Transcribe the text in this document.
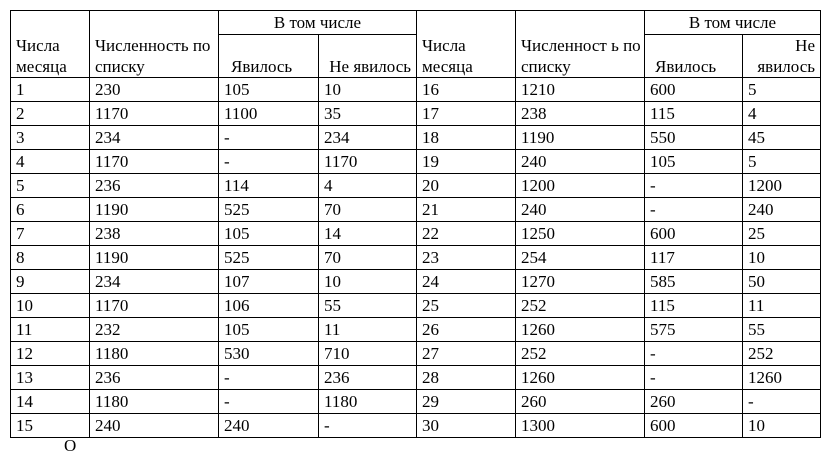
Числа месяца	Численность по списку	В том числе		Числа месяца	Численност ь по списку	В том числе	
		Явилось	Не явилось			Явилось	Не явилось

1	230	105	10	16	1210	600	5
2	1170	1100	35	17	238	115	4
3	234	-	234	18	1190	550	45
4	1170	-	1170	19	240	105	5
5	236	114	4	20	1200	-	1200
6	1190	525	70	21	240	-	240
7	238	105	14	22	1250	600	25
8	1190	525	70	23	254	117	10
9	234	107	10	24	1270	585	50
10	1170	106	55	25	252	115	11
11	232	105	11	26	1260	575	55
12	1180	530	710	27	252	-	252
13	236	-	236	28	1260	-	1260
14	1180	-	1180	29	260	260	-
15	240	240	-	30	1300	600	10
О
